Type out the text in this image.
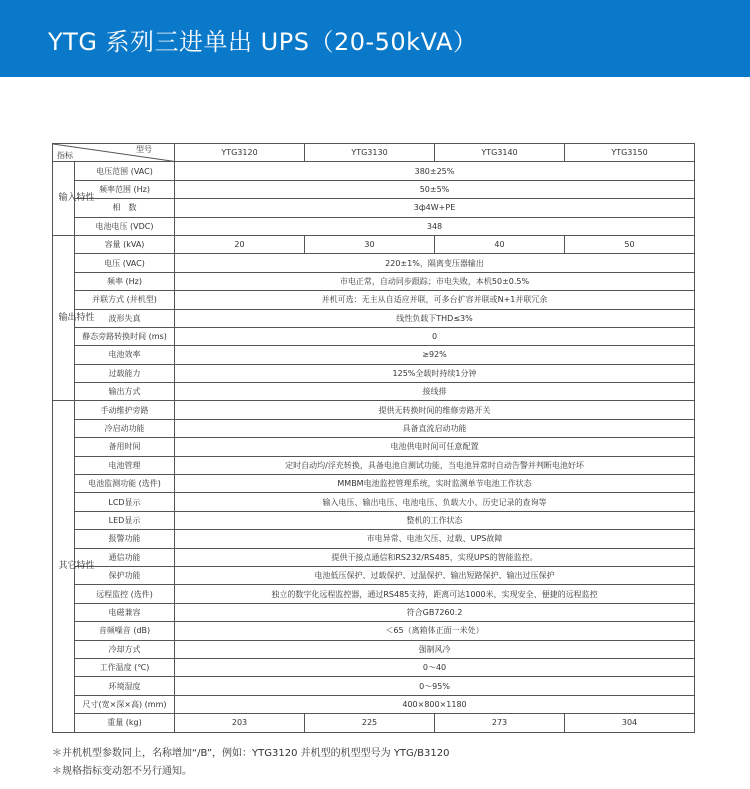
YTG 系列三进单出 UPS（20-50kVA）
型号
指标		YTG3120	YTG3130	YTG3140	YTG3150

输入特性	电压范围 (VAC)	380±25%			
	频率范围 (Hz)	50±5%			
	相　数	3ф4W+PE			
	电池电压 (VDC)	348			

输出特性	容量 (kVA)	20	30	40	50
	电压 (VAC)	220±1%，隔离变压器输出			
	频率 (Hz)	市电正常，自动同步跟踪；市电失败，本机50±0.5%			
	并联方式 (并机型)	并机可选：无主从自适应并联，可多台扩容并联或N+1并联冗余			
	波形失真	线性负载下THD≤3%			
	静态旁路转换时间 (ms)	0			
	电池效率	≥92%			
	过载能力	125%全载时持续1分钟			
	输出方式	接线排			

其它特性	手动维护旁路	提供无转换时间的维修旁路开关			
	冷启动功能	具备直流启动功能			
	备用时间	电池供电时间可任意配置			
	电池管理	定时自动均/浮充转换，具备电池自测试功能，当电池异常时自动告警并判断电池好坏			
	电池监测功能 (选件)	MMBM电池监控管理系统，实时监测单节电池工作状态			
	LCD显示	输入电压、输出电压、电池电压、负载大小、历史记录的查询等			
	LED显示	整机的工作状态			
	报警功能	市电异常、电池欠压、过载、UPS故障			
	通信功能	提供干接点通信和RS232/RS485，实现UPS的智能监控。			
	保护功能	电池低压保护、过载保护、过温保护、输出短路保护、输出过压保护			
	远程监控 (选件)	独立的数字化远程监控器，通过RS485支持，距离可达1000米，实现安全、便捷的远程监控			
	电磁兼容	符合GB7260.2			
	音频噪音 (dB)	＜65（离箱体正面一米处）			
	冷却方式	强制风冷			
	工作温度 (℃)	0～40			
	环境湿度	0～95%			
	尺寸(宽×深×高) (mm)	400×800×1180			
	重量 (kg)	203	225	273	304
＊并机机型参数同上，名称增加“/B”，例如：YTG3120 并机型的机型型号为 YTG/B3120
＊规格指标变动恕不另行通知。
